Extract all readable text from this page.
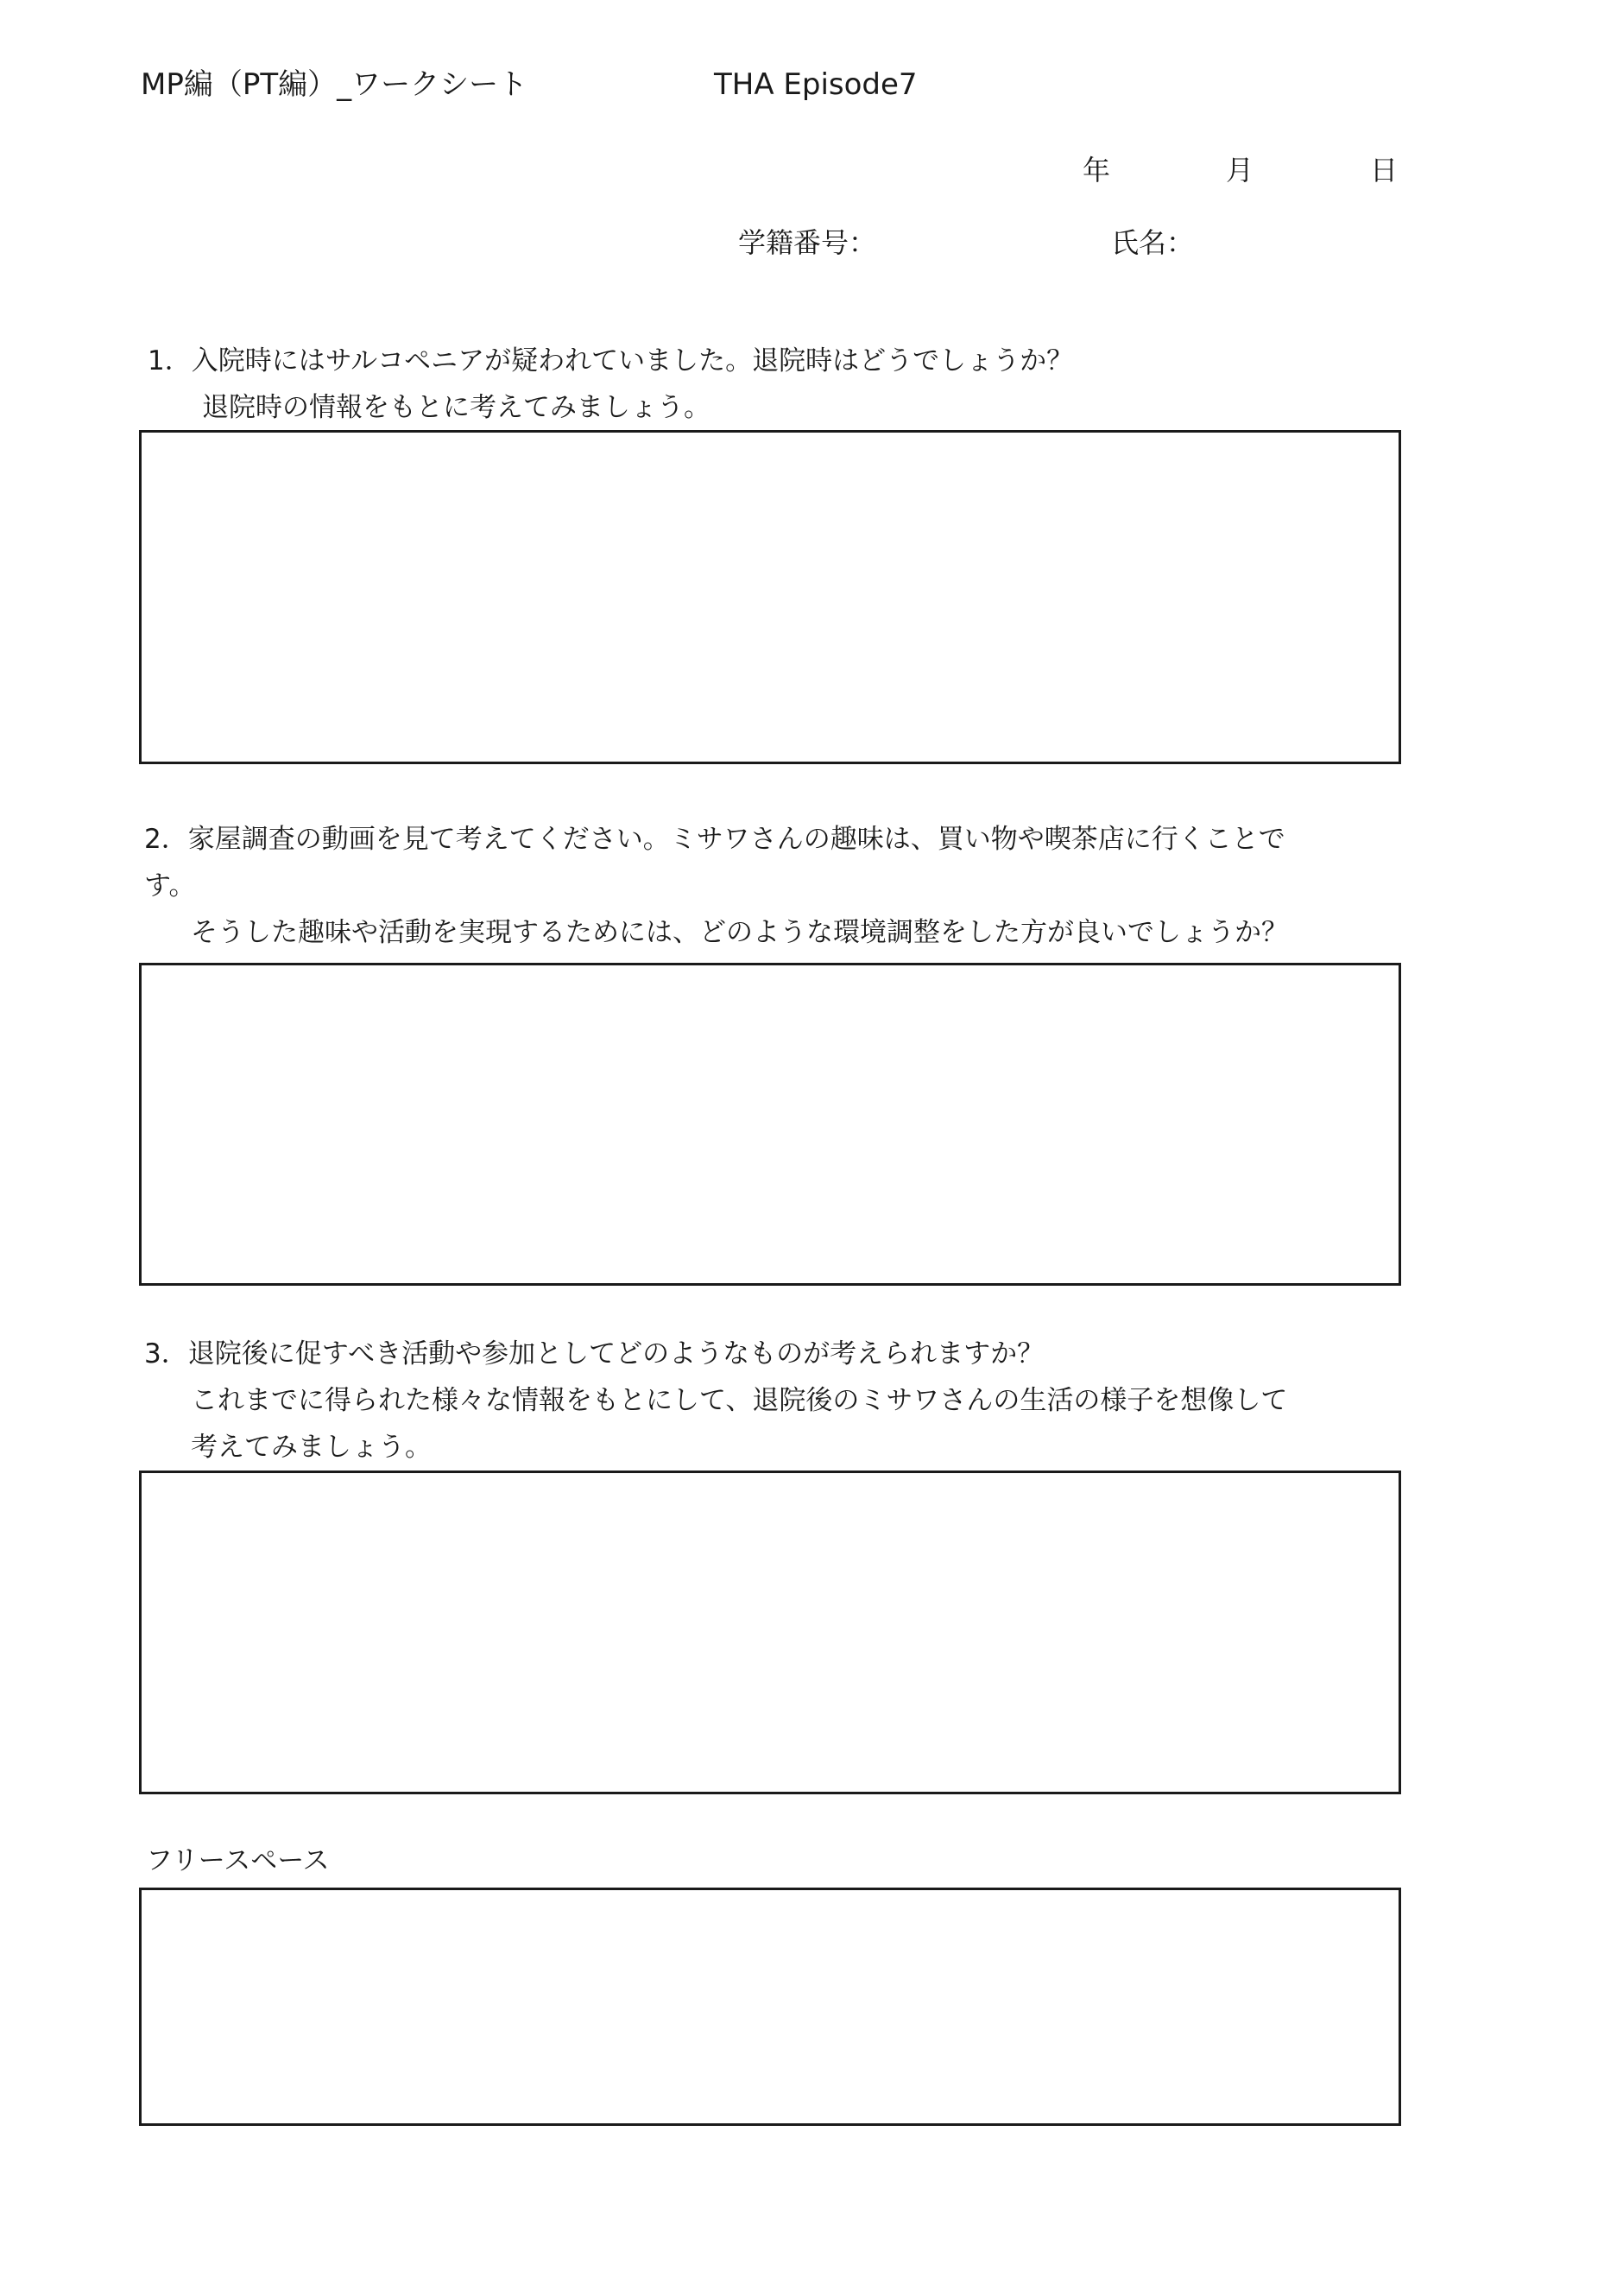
MP編（PT編）_ワークシート	THA Episode7
年	月	日
学籍番号：	氏名：
1．入院時にはサルコペニアが疑われていました。退院時はどうでしょうか？
退院時の情報をもとに考えてみましょう。
2．家屋調査の動画を見て考えてください。ミサワさんの趣味は、買い物や喫茶店に行くことで
す。
そうした趣味や活動を実現するためには、どのような環境調整をした方が良いでしょうか？
3．退院後に促すべき活動や参加としてどのようなものが考えられますか？
これまでに得られた様々な情報をもとにして、退院後のミサワさんの生活の様子を想像して
考えてみましょう。
フリースペース
